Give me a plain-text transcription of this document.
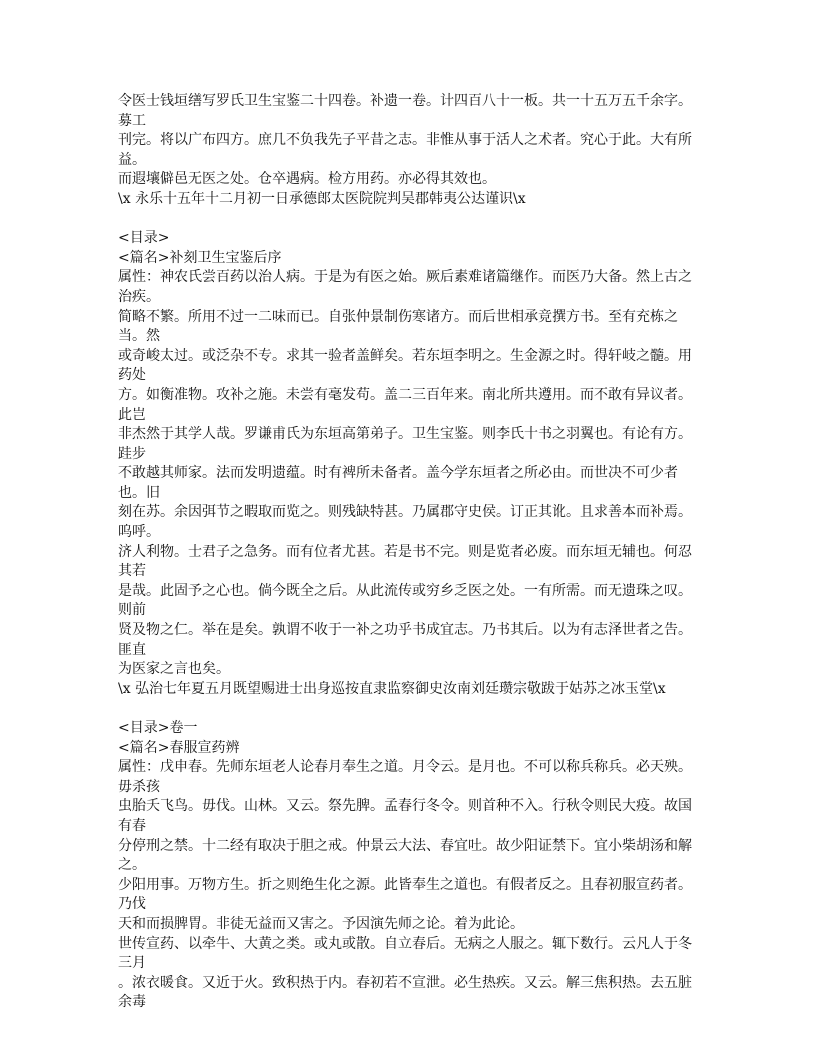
令医士钱垣缮写罗氏卫生宝鉴二十四卷。补遗一卷。计四百八十一板。共一十五万五千余字。募工
刊完。将以广布四方。庶几不负我先子平昔之志。非惟从事于活人之术者。究心于此。大有所益。
而遐壤僻邑无医之处。仓卒遇病。检方用药。亦必得其效也。
\x 永乐十五年十二月初一日承德郎太医院院判吴郡韩夷公达谨识\x
<目录>
<篇名>补刻卫生宝鉴后序
属性：神农氏尝百药以治人病。于是为有医之始。厥后素难诸篇继作。而医乃大备。然上古之治疾。
简略不繁。所用不过一二味而已。自张仲景制伤寒诸方。而后世相承竞撰方书。至有充栋之当。然
或奇峻太过。或泛杂不专。求其一验者盖鲜矣。若东垣李明之。生金源之时。得轩岐之髓。用药处
方。如衡准物。攻补之施。未尝有毫发苟。盖二三百年来。南北所共遵用。而不敢有异议者。此岂
非杰然于其学人哉。罗谦甫氏为东垣高第弟子。卫生宝鉴。则李氏十书之羽翼也。有论有方。跬步
不敢越其师家。法而发明遗蕴。时有裨所未备者。盖今学东垣者之所必由。而世决不可少者也。旧
刻在苏。余因弭节之暇取而览之。则残缺特甚。乃属郡守史侯。订正其讹。且求善本而补焉。呜呼。
济人利物。士君子之急务。而有位者尤甚。若是书不完。则是览者必废。而东垣无辅也。何忍其若
是哉。此固予之心也。倘今既全之后。从此流传或穷乡乏医之处。一有所需。而无遗珠之叹。则前
贤及物之仁。举在是矣。孰谓不收于一补之功乎书成宜志。乃书其后。以为有志泽世者之告。匪直
为医家之言也矣。
\x 弘治七年夏五月既望赐进士出身巡按直隶监察御史汝南刘廷瓒宗敬跋于姑苏之冰玉堂\x
<目录>卷一
<篇名>春服宣药辨
属性：戊申春。先师东垣老人论春月奉生之道。月令云。是月也。不可以称兵称兵。必天殃。毋杀孩
虫胎夭飞鸟。毋伐。山林。又云。祭先脾。孟春行冬令。则首种不入。行秋令则民大疫。故国有春
分停刑之禁。十二经有取决于胆之戒。仲景云大法、春宜吐。故少阳证禁下。宜小柴胡汤和解之。
少阳用事。万物方生。折之则绝生化之源。此皆奉生之道也。有假者反之。且春初服宣药者。乃伐
天和而损脾胃。非徒无益而又害之。予因演先师之论。着为此论。
世传宣药、以牵牛、大黄之类。或丸或散。自立春后。无病之人服之。辄下数行。云凡人于冬三月
。浓衣暖食。又近于火。致积热于内。春初若不宣泄。必生热疾。又云。解三焦积热。去五脏余毒
